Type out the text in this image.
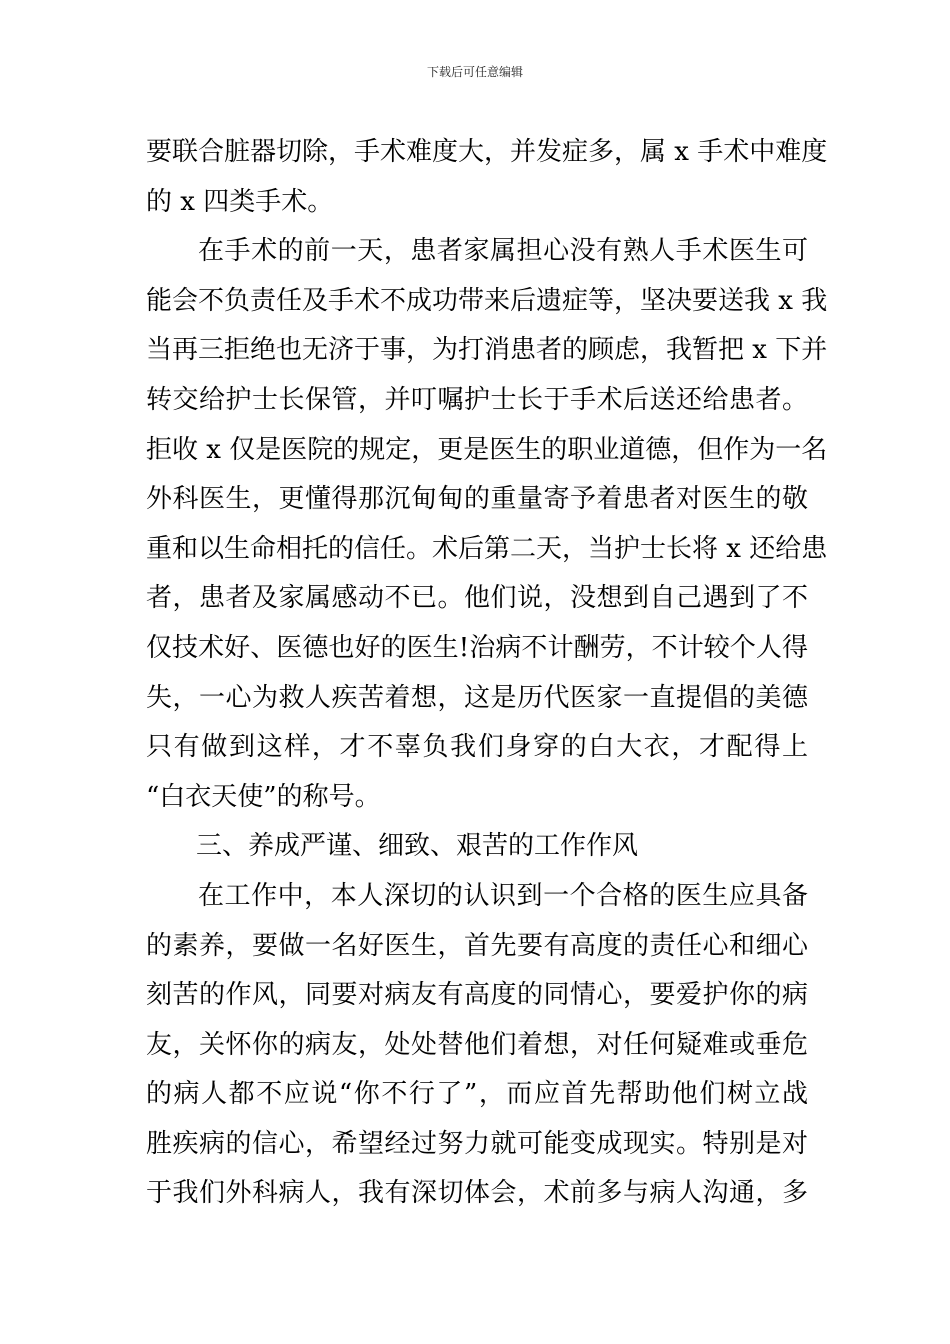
下载后可任意编辑
要联合脏器切除，手术难度大，并发症多，属 x 手术中难度
的 x 四类手术。
在手术的前一天，患者家属担心没有熟人手术医生可
能会不负责任及手术不成功带来后遗症等，坚决要送我 x 我
当再三拒绝也无济于事，为打消患者的顾虑，我暂把 x 下并
转交给护士长保管，并叮嘱护士长于手术后送还给患者。
拒收 x 仅是医院的规定，更是医生的职业道德，但作为一名
外科医生，更懂得那沉甸甸的重量寄予着患者对医生的敬
重和以生命相托的信任。术后第二天，当护士长将 x 还给患
者，患者及家属感动不已。他们说，没想到自己遇到了不
仅技术好、医德也好的医生!治病不计酬劳，不计较个人得
失，一心为救人疾苦着想，这是历代医家一直提倡的美德
只有做到这样，才不辜负我们身穿的白大衣，才配得上
“白衣天使”的称号。
三、养成严谨、细致、艰苦的工作作风
在工作中，本人深切的认识到一个合格的医生应具备
的素养，要做一名好医生，首先要有高度的责任心和细心
刻苦的作风，同要对病友有高度的同情心，要爱护你的病
友，关怀你的病友，处处替他们着想，对任何疑难或垂危
的病人都不应说“你不行了”，而应首先帮助他们树立战
胜疾病的信心，希望经过努力就可能变成现实。特别是对
于我们外科病人，我有深切体会，术前多与病人沟通，多
